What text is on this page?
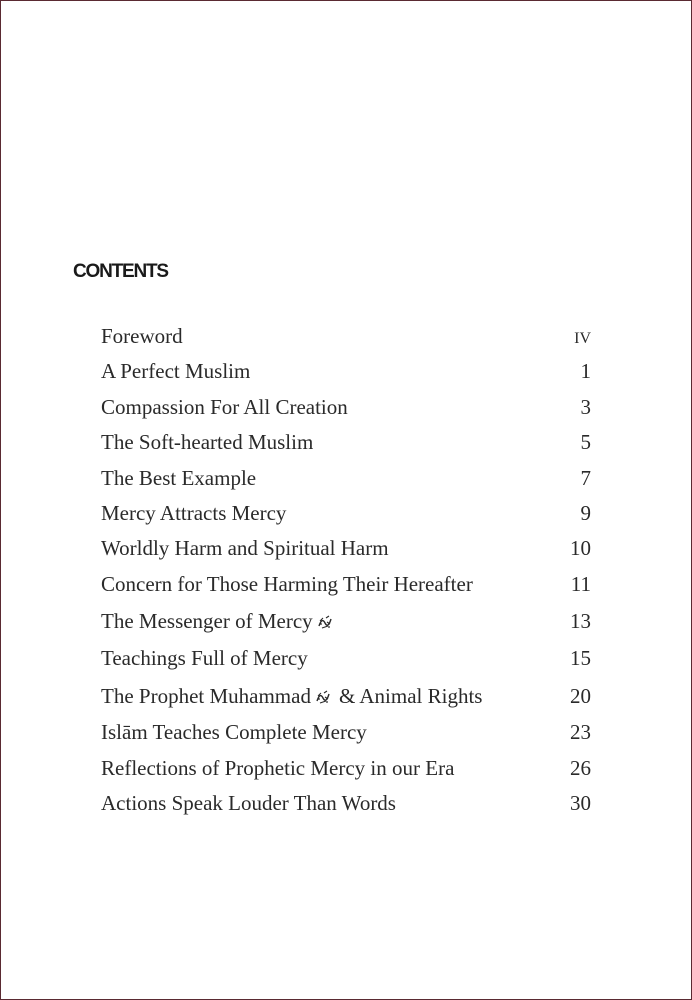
CONTENTS
Foreword	IV
A Perfect Muslim	1
Compassion For All Creation	3
The Soft-hearted Muslim	5
The Best Example	7
Mercy Attracts Mercy	9
Worldly Harm and Spiritual Harm	10
Concern for Those Harming Their Hereafter	11
The Messenger of Mercy	13
Teachings Full of Mercy	15
The Prophet Muhammad & Animal Rights	20
Islām Teaches Complete Mercy	23
Reflections of Prophetic Mercy in our Era	26
Actions Speak Louder Than Words	30
